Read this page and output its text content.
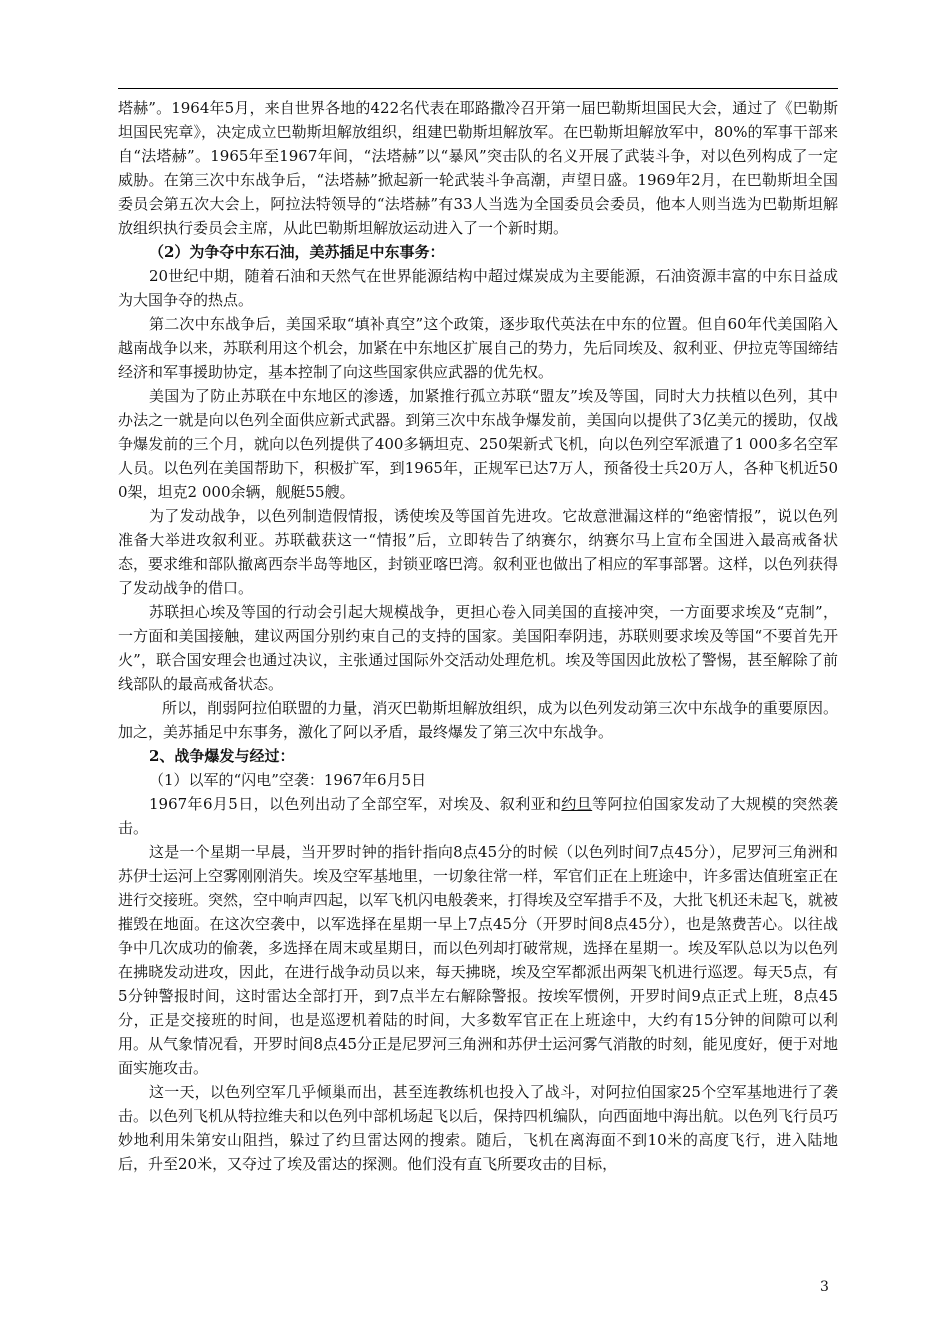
塔赫”。1964年5月，来自世界各地的422名代表在耶路撒冷召开第一届巴勒斯坦国民大会，通过了《巴勒斯坦国民宪章》，决定成立巴勒斯坦解放组织，组建巴勒斯坦解放军。在巴勒斯坦解放军中，80%的军事干部来自“法塔赫”。1965年至1967年间，“法塔赫”以“暴风”突击队的名义开展了武装斗争，对以色列构成了一定威胁。在第三次中东战争后，“法塔赫”掀起新一轮武装斗争高潮，声望日盛。1969年2月，在巴勒斯坦全国委员会第五次大会上，阿拉法特领导的“法塔赫”有33人当选为全国委员会委员，他本人则当选为巴勒斯坦解放组织执行委员会主席，从此巴勒斯坦解放运动进入了一个新时期。

（2）为争夺中东石油，美苏插足中东事务：

20世纪中期，随着石油和天然气在世界能源结构中超过煤炭成为主要能源，石油资源丰富的中东日益成为大国争夺的热点。

第二次中东战争后，美国采取“填补真空”这个政策，逐步取代英法在中东的位置。但自60年代美国陷入越南战争以来，苏联利用这个机会，加紧在中东地区扩展自己的势力，先后同埃及、叙利亚、伊拉克等国缔结经济和军事援助协定，基本控制了向这些国家供应武器的优先权。

美国为了防止苏联在中东地区的渗透，加紧推行孤立苏联“盟友”埃及等国，同时大力扶植以色列，其中办法之一就是向以色列全面供应新式武器。到第三次中东战争爆发前，美国向以提供了3亿美元的援助，仅战争爆发前的三个月，就向以色列提供了400多辆坦克、250架新式飞机，向以色列空军派遣了1 000多名空军人员。以色列在美国帮助下，积极扩军，到1965年，正规军已达7万人，预备役士兵20万人，各种飞机近500架，坦克2 000余辆，舰艇55艘。

为了发动战争，以色列制造假情报，诱使埃及等国首先进攻。它故意泄漏这样的“绝密情报”，说以色列准备大举进攻叙利亚。苏联截获这一“情报”后，立即转告了纳赛尔，纳赛尔马上宣布全国进入最高戒备状态，要求维和部队撤离西奈半岛等地区，封锁亚喀巴湾。叙利亚也做出了相应的军事部署。这样，以色列获得了发动战争的借口。

苏联担心埃及等国的行动会引起大规模战争，更担心卷入同美国的直接冲突，一方面要求埃及“克制”，一方面和美国接触，建议两国分别约束自己的支持的国家。美国阳奉阴违，苏联则要求埃及等国“不要首先开火”，联合国安理会也通过决议，主张通过国际外交活动处理危机。埃及等国因此放松了警惕，甚至解除了前线部队的最高戒备状态。

所以，削弱阿拉伯联盟的力量，消灭巴勒斯坦解放组织，成为以色列发动第三次中东战争的重要原因。加之，美苏插足中东事务，激化了阿以矛盾，最终爆发了第三次中东战争。

2、战争爆发与经过：

（1）以军的“闪电”空袭：1967年6月5日

1967年6月5日，以色列出动了全部空军，对埃及、叙利亚和约旦等阿拉伯国家发动了大规模的突然袭击。

这是一个星期一早晨，当开罗时钟的指针指向8点45分的时候（以色列时间7点45分），尼罗河三角洲和苏伊士运河上空雾刚刚消失。埃及空军基地里，一切象往常一样，军官们正在上班途中，许多雷达值班室正在进行交接班。突然，空中响声四起，以军飞机闪电般袭来，打得埃及空军措手不及，大批飞机还未起飞，就被摧毁在地面。在这次空袭中，以军选择在星期一早上7点45分（开罗时间8点45分），也是煞费苦心。以往战争中几次成功的偷袭，多选择在周末或星期日，而以色列却打破常规，选择在星期一。埃及军队总以为以色列在拂晓发动进攻，因此，在进行战争动员以来，每天拂晓，埃及空军都派出两架飞机进行巡逻。每天5点，有5分钟警报时间，这时雷达全部打开，到7点半左右解除警报。按埃军惯例，开罗时间9点正式上班，8点45分，正是交接班的时间，也是巡逻机着陆的时间，大多数军官正在上班途中，大约有15分钟的间隙可以利用。从气象情况看，开罗时间8点45分正是尼罗河三角洲和苏伊士运河雾气消散的时刻，能见度好，便于对地面实施攻击。

这一天，以色列空军几乎倾巢而出，甚至连教练机也投入了战斗，对阿拉伯国家25个空军基地进行了袭击。以色列飞机从特拉维夫和以色列中部机场起飞以后，保持四机编队，向西面地中海出航。以色列飞行员巧妙地利用朱第安山阻挡，躲过了约旦雷达网的搜索。随后，飞机在离海面不到10米的高度飞行，进入陆地后，升至20米，又夺过了埃及雷达的探测。他们没有直飞所要攻击的目标，

3
